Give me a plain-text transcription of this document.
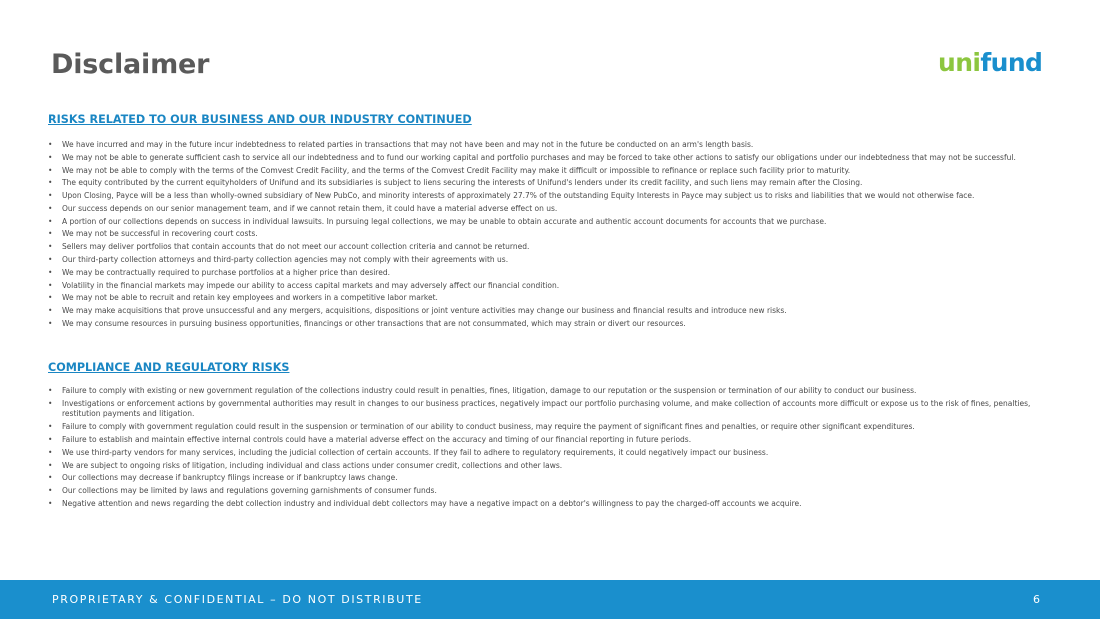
Disclaimer	unifund
RISKS RELATED TO OUR BUSINESS AND OUR INDUSTRY CONTINUED
• We have incurred and may in the future incur indebtedness to related parties in transactions that may not have been and may not in the future be conducted on an arm's length basis.
• We may not be able to generate sufficient cash to service all our indebtedness and to fund our working capital and portfolio purchases and may be forced to take other actions to satisfy our obligations under our indebtedness that may not be successful.
• We may not be able to comply with the terms of the Comvest Credit Facility, and the terms of the Comvest Credit Facility may make it difficult or impossible to refinance or replace such facility prior to maturity.
• The equity contributed by the current equityholders of Unifund and its subsidiaries is subject to liens securing the interests of Unifund's lenders under its credit facility, and such liens may remain after the Closing.
• Upon Closing, Payce will be a less than wholly-owned subsidiary of New PubCo, and minority interests of approximately 27.7% of the outstanding Equity Interests in Payce may subject us to risks and liabilities that we would not otherwise face.
• Our success depends on our senior management team, and if we cannot retain them, it could have a material adverse effect on us.
• A portion of our collections depends on success in individual lawsuits. In pursuing legal collections, we may be unable to obtain accurate and authentic account documents for accounts that we purchase.
• We may not be successful in recovering court costs.
• Sellers may deliver portfolios that contain accounts that do not meet our account collection criteria and cannot be returned.
• Our third-party collection attorneys and third-party collection agencies may not comply with their agreements with us.
• We may be contractually required to purchase portfolios at a higher price than desired.
• Volatility in the financial markets may impede our ability to access capital markets and may adversely affect our financial condition.
• We may not be able to recruit and retain key employees and workers in a competitive labor market.
• We may make acquisitions that prove unsuccessful and any mergers, acquisitions, dispositions or joint venture activities may change our business and financial results and introduce new risks.
• We may consume resources in pursuing business opportunities, financings or other transactions that are not consummated, which may strain or divert our resources.
COMPLIANCE AND REGULATORY RISKS
• Failure to comply with existing or new government regulation of the collections industry could result in penalties, fines, litigation, damage to our reputation or the suspension or termination of our ability to conduct our business.
• Investigations or enforcement actions by governmental authorities may result in changes to our business practices, negatively impact our portfolio purchasing volume, and make collection of accounts more difficult or expose us to the risk of fines, penalties, restitution payments and litigation.
• Failure to comply with government regulation could result in the suspension or termination of our ability to conduct business, may require the payment of significant fines and penalties, or require other significant expenditures.
• Failure to establish and maintain effective internal controls could have a material adverse effect on the accuracy and timing of our financial reporting in future periods.
• We use third-party vendors for many services, including the judicial collection of certain accounts. If they fail to adhere to regulatory requirements, it could negatively impact our business.
• We are subject to ongoing risks of litigation, including individual and class actions under consumer credit, collections and other laws.
• Our collections may decrease if bankruptcy filings increase or if bankruptcy laws change.
• Our collections may be limited by laws and regulations governing garnishments of consumer funds.
• Negative attention and news regarding the debt collection industry and individual debt collectors may have a negative impact on a debtor's willingness to pay the charged-off accounts we acquire.
PROPRIETARY & CONFIDENTIAL – DO NOT DISTRIBUTE	6
